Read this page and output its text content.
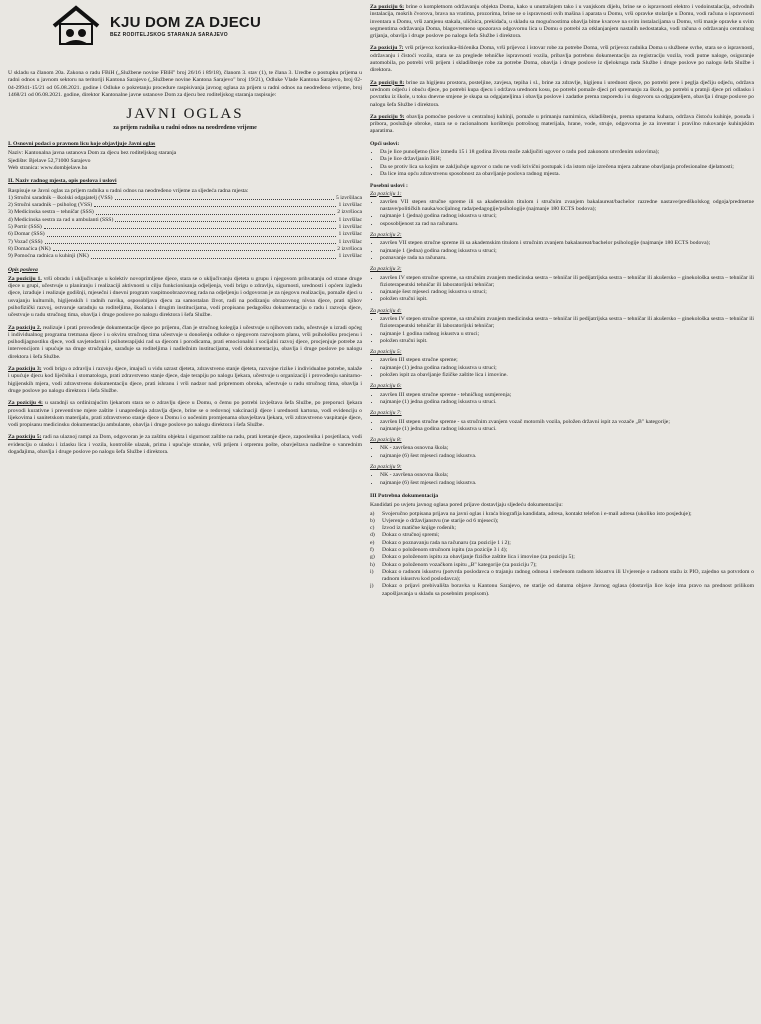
KJU DOM ZA DJECU
BEZ RODITELJSKOG STARANJA SARAJEVO

U skladu sa članom 20a. Zakona o radu FBiH („Službene novine FBiH" broj 26/16 i 89/18), članom 3. stav (1), te člana 3. Uredbe o postupku prijema u radni odnos u javnom sektoru na teritoriji Kantona Sarajevo („Službene novine Kantona Sarajevo" broj 19/21), Odluke Vlade Kantona Sarajevo, broj 02-04-29941-15/21 od 05.08.2021. godine i Odluke o pokretanju procedure raspisivanja javnog oglasa za prijem u radni odnos na neodređeno vrijeme, broj 1468/21 od 06.08.2021. godine, direktor Kantonalne javne ustanove Dom za djecu bez roditeljskog staranja raspisuje:

JAVNI OGLAS
za prijem radnika u radni odnos na neodređeno vrijeme
I. Osnovni podaci o pravnom licu koje objavljuje Javni oglas
Naziv: Kantonalna javna ustanova Dom za djecu bez roditeljskog staranja
Sjedište: Bjelave 52,71000 Sarajevo
Web stranica: www.dombjelave.ba
II. Naziv radnog mjesta, opis poslova i uslovi
Raspisuje se Javni oglas za prijem radnika u radni odnos na neodređeno vrijeme za sljedeća radna mjesta:
1) Stručni saradnik – školski odgajatelj (VSS)	5 izvršilaca
2) Stručni saradnik – psiholog (VSS)	1 izvršilac
3) Medicinska sestra – tehničar (SSS)	2 izvršioca
4) Medicinska sestra za rad u ambulanti (SSS)	1 izvršilac
5) Portir (SSS)	1 izvršilac
6) Domar (SSS)	1 izvršilac
7) Vozač (SSS)	1 izvršilac
8) Domaćica (NK)	2 izvršioca
9) Pomoćna radnica u kuhinji (NK)	1 izvršilac
Opis poslova

Za poziciju 1. vrši obradu i uključivanje u kolektiv novoprimljene djece, stara se o uključivanju djeteta u grupu i njegovom prihvatanju od strane druge djece u grupi, učestvuje u planiranju i realizaciji aktivnosti u cilju funkcionisanja odjeljenja, vodi brigu o zdravlju, sigurnosti, urednosti i općem izgledu djece, izrađuje i realizuje godišnji, mjesečni i dnevni program vaspitnoobrazovnog rada na odjeljenju i odgovoran je za njegovu realizaciju, pomaže djeci u usvajanju kulturnih, higijenskih i radnih navika, osposobljava djecu za samostalan život, radi na podizanju obrazovnog nivoa djece, prati njihov psihofizički razvoj, ostvaruje saradnju sa roditeljima, školama i drugim institucijama, vodi propisanu pedagošku dokumentaciju o radu i razvoju djece, učestvuje u radu stručnog tima, obavlja i druge poslove po nalogu direktora i šefa Službe.

Za poziciju 2. realizuje i prati provođenje dokumentacije djece po prijemu, član je stručnog kolegija i učestvuje u njihovom radu, učestvuje u izradi općeg i individualnog programa tretmana djece i u okviru stručnog tima učestvuje u donošenju odluke o njegovom razvojnom planu, vrši psihološku procjenu i psihodijagnostiku djece, vodi savjetodavni i psihoterapijski rad sa djecom i porodicama, prati emocionalni i socijalni razvoj djece, procjenjuje potrebe za intervencijom i upućuje na druge stručnjake, sarađuje sa roditeljima i nadležnim institucijama, vodi dokumentaciju, obavlja i druge poslove po nalogu direktora i šefa Službe.

Za poziciju 3: vodi brigu o zdravlju i razvoju djece, imajući u vidu uzrast djeteta, zdravstveno stanje djeteta, razvojne rizike i individualne potrebe, nalaže i upućuje djecu kod liječnika i stomatologa, prati zdravstveno stanje djece, daje terapiju po nalogu ljekara, učestvuje u organizaciji i provođenju sanitarno-higijenskih mjera, vodi zdravstvenu dokumentaciju djece, prati ishranu i vrši nadzor nad pripremom obroka, učestvuje u radu stručnog tima, obavlja i druge poslove po nalogu direktora i šefa Službe.

Za poziciju 4: u saradnji sa ordinirajućim ljekarom stara se o zdravlju djece u Domu, o čemu po potrebi izvještava šefa Službe, po preporuci ljekara provodi kurativne i preventivne mjere zaštite i unapređenja zdravlja djece, brine se o redovnoj vakcinaciji djece i urednosti kartona, vodi evidenciju o lijekovima i sanitetskom materijalu, prati zdravstveno stanje djece u Domu i o uočenim promjenama obavještava ljekara, vrši zdravstveno vaspitanje djece, vodi propisanu medicinsku dokumentaciju ambulante, obavlja i druge poslove po nalogu direktora i šefa Službe.

Za poziciju 5: radi na ulaznoj rampi za Dom, odgovoran je za zaštitu objekta i sigurnost zaštite na radu, prati kretanje djece, zaposlenika i posjetilaca, vodi evidenciju o ulasku i izlasku lica i vozila, kontroliše ulazak, prima i upućuje stranke, vrši prijem i otpremu pošte, obavještava nadležne o vanrednim događajima, obavlja i druge poslove po nalogu šefa Službe i direktora.

Za poziciju 6: brine o kompletnom održavanju objekta Doma, kako u unutrašnjem tako i u vanjskom dijelu, brine se o ispravnosti elektro i vodoinstalacija, odvodnih instalacija, mokrih čvorova, brava na vratima, prozorima, brine se o ispravnosti svih mašina i aparata u Domu, vrši opravke stolarije u Domu, vodi računa o ispravnosti inventara u Domu, vrši zamjenu stakala, uličnica, prekidača, u skladu sa mogućnostima obavlja bitne kvarove na svim instalacijama u Domu, vrši manje opravke u svim segmentima održavanja Doma, blagovremeno upozorava odgovornu lica u Domu o potrebi za otklanjanjem nastalih nedostataka, vodi računa o održavanju centralnog grijanja, obavlja i druge poslove po nalogu šefa Službe i direktora.

Za poziciju 7: vrši prijevoz korisnika-štićenika Doma, vrši prijevoz i istovar robe za potrebe Doma, vrši prijevoz radnika Doma u službene svrhe, stara se o ispravnosti, održavanju i čistoći vozila, stara se za preglede tehničke ispravnosti vozila, pribavlja potrebnu dokumentaciju za registraciju vozila, vodi putne naloge, osiguranje automobila, po potrebi vrši prijem i skladištenje robe za potrebe Doma, obavlja i druge poslove iz djelokruga rada Službe i druge poslove po nalogu šefa Službe i direktora.

Za poziciju 8: brine za higijenu prostora, posteljine, zavjesa, tepiha i sl., brine za zdravlje, higijenu i urednost djece, po potrebi pere i peglja dječiju odjeću, održava urednom odjeću i obuću djece, po potrebi kupa djecu i održava urednom kosu, po potrebi pomaže djeci pri spremanju za školu, po potrebi u pratnji djece pri odlasku i povratku iz škole, u toku dnevne smjene je skupa sa odgajateljima i obavlja poslove i zadatke prema rasporedu i u dogovoru sa odgajateljem, obavlja i druge poslove po nalogu šefa Službe i direktora.

Za poziciju 9: obavlja pomoćne poslove u centralnoj kuhinji, pomaže u primanju namirnica, skladištenju, prema uputama kuhara, održava čistoću kuhinje, posuđa i pribora, poslužuje obroke, stara se o racionalnom korištenju potrošnog materijala, hrane, vode, struje, odgovorna je za inventar i pravilno rukovanje kuhinjskim aparatima.

Opći uslovi:
• Da je lice punoljetno (lice između 15 i 18 godina života može zaključiti ugovor o radu pod zakonom utvrđenim uslovima);
• Da je lice državljanin BiH;
• Da se protiv lica sa kojim se zaključuje ugovor o radu ne vodi krivični postupak i da istom nije izrečena mjera zabrane obavljanja profesionalne djelatnosti;
• Da lice ima opću zdravstvenu sposobnost za obavljanje poslova radnog mjesta.
Posebni uslovi :
Za poziciju 1:
• završen VII stepen stručne spreme ili sa akademskim titulom i stručnim zvanjem bakalaureat/bachelor razredne nastave/predškolskog odgoja/predmetne nastave/političkih nauka/socijalnog rada/pedagogije/psihologije (najmanje 180 ECTS bodova);
• najmanje 1 (jedna) godina radnog iskustva u struci;
• osposobljenost za rad na računaru.
Za poziciju 2:
• završen VII stepen stručne spreme ili sa akademskim titulom i stručnim zvanjem bakalaureat/bachelor psihologije (najmanje 180 ECTS bodova);
• najmanje 1 (jedna) godina radnog iskustva u struci;
• poznavanje rada na računaru.
Za poziciju 3:
• završen IV stepen stručne spreme, sa stručnim zvanjem medicinska sestra – tehničar ili pedijatrijska sestra – tehničar ili akušersko – ginekološka sestra – tehničar ili fizioterapeutski tehničar ili laboratorijski tehničar;
• najmanje šest mjeseci radnog iskustva u struci;
• položen stručni ispit.
Za poziciju 4:
• završen IV stepen stručne spreme, sa stručnim zvanjem medicinska sestra – tehničar ili pedijatrijska sestra – tehničar ili akušersko – ginekološka sestra – tehničar ili fizioterapeutski tehničar ili laboratorijski tehničar;
• najmanje 1 godina radnog iskustva u struci;
• položen stručni ispit.
Za poziciju 5:
• završen III stepen stručne spreme;
• najmanje (1) jedna godina radnog iskustva u struci;
• položen ispit za obavljanje fizičke zaštite lica i imovine.
Za poziciju 6:
• završen III stepen stručne spreme - tehničkog usmjerenja;
• najmanje (1) jedna godina radnog iskustva u struci.
Za poziciju 7:
• završen III stepen stručne spreme - sa stručnim zvanjem vozač motornih vozila, položen državni ispit za vozače „B" kategorije;
• najmanje (1) jedna godina radnog iskustva u struci.
Za poziciju 8:
• NK - završena osnovna škola;
• najmanje (6) šest mjeseci radnog iskustva.
Za poziciju 9:
• NK - završena osnovna škola;
• najmanje (6) šest mjeseci radnog iskustva.
III Potrebna dokumentacija
Kandidati po uvjetu javnog oglasa pored prijave dostavljaju sljedeću dokumentaciju:
a)	Svojeručno potpisana prijava na javni oglas i kraća biografija kandidata, adresa, kontakt telefon i e-mail adresa (ukoliko isto posjeduje);
b)	Uvjerenje o državljanstvu (ne starije od 6 mjeseci);
c)	Izvod iz matične knjige rođenih;
d)	Dokaz o stručnoj spremi;
e)	Dokaz o poznavanju rada na računaru (za pozicije 1 i 2);
f)	Dokaz o položenom stručnom ispitu (za pozicije 3 i 4);
g)	Dokaz o položenom ispitu za obavljanje fizičke zaštite lica i imovine (za poziciju 5);
h)	Dokaz o položenom vozačkom ispitu „B" kategorije (za poziciju 7);
i)	Dokaz o radnom iskustvu (potvrda poslodavca o trajanju radnog odnosa i stečenom radnom iskustvu ili Uvjerenje o radnom stažu iz PIO, zajedno sa potvrdom o radnom iskustvu kod poslodavca);
j)	Dokaz o prijavi prebivališta boravka u Kantonu Sarajevo, ne starije od datuma objave Javnog oglasa (dostavlja lice koje ima pravo na prednost prilikom zapošljavanja u skladu sa posebnim propisom).
